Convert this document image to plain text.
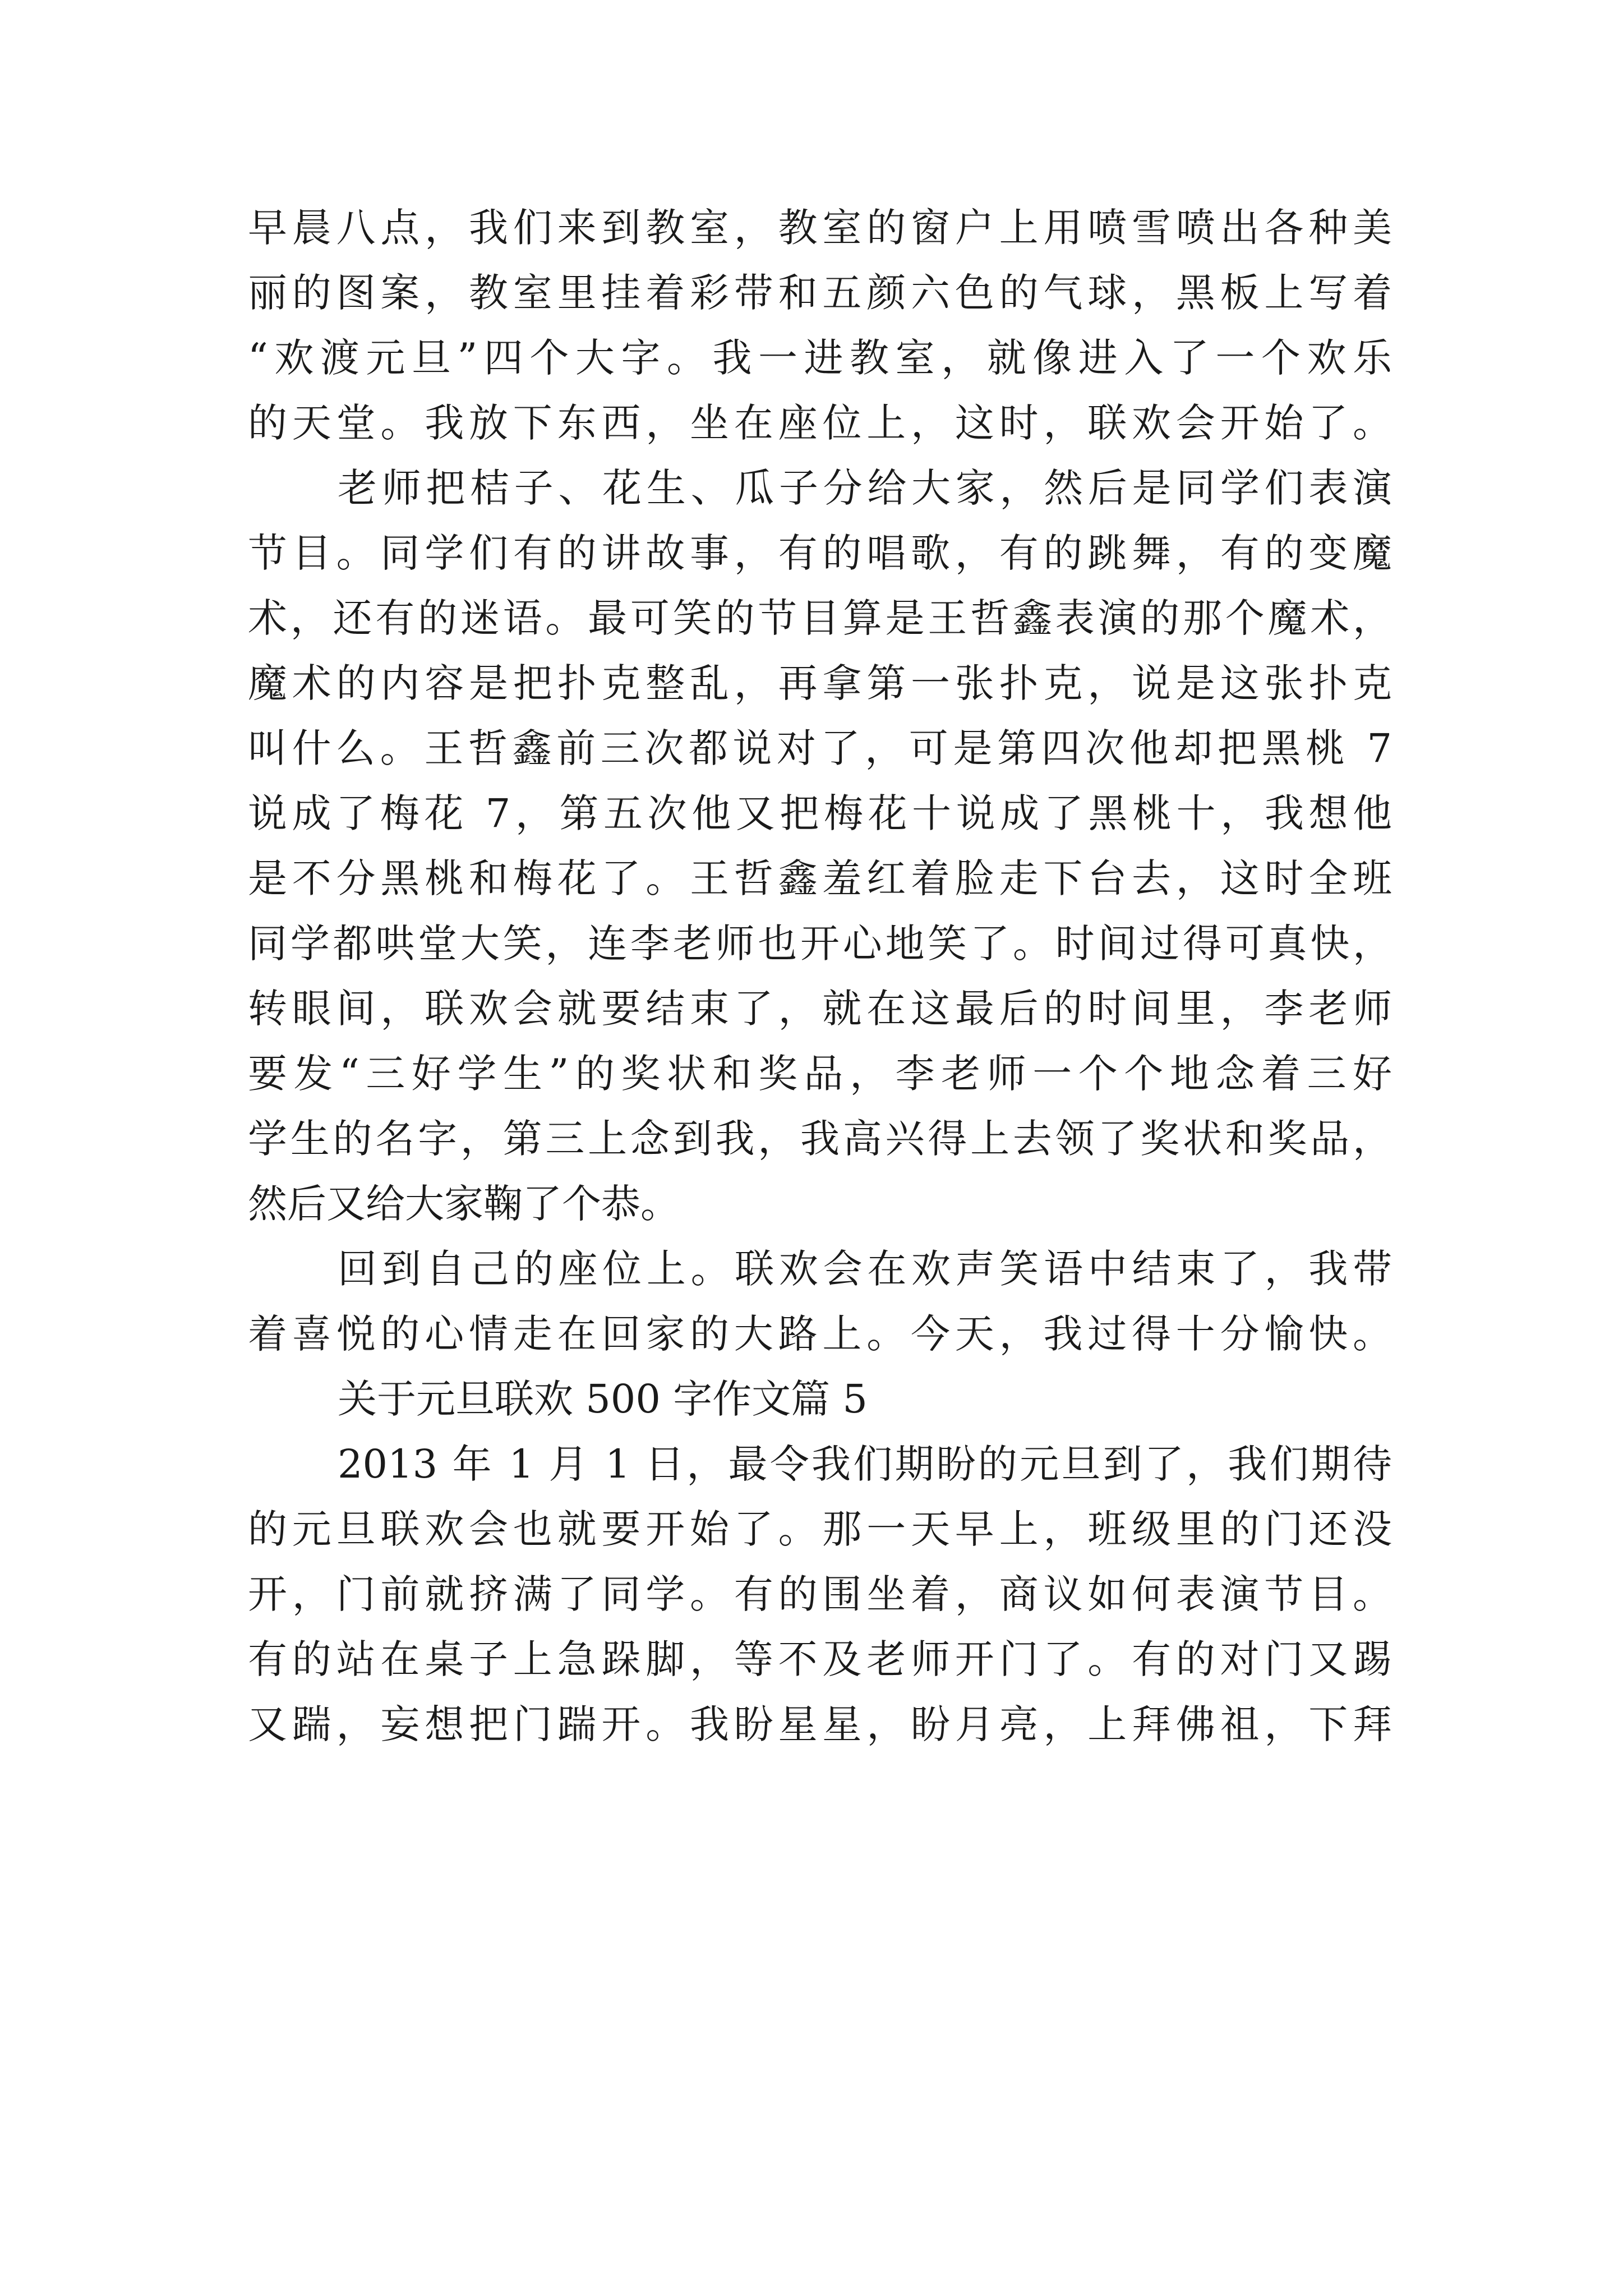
早晨八点，我们来到教室，教室的窗户上用喷雪喷出各种美
丽的图案，教室里挂着彩带和五颜六色的气球，黑板上写着
“欢渡元旦”四个大字。我一进教室，就像进入了一个欢乐
的天堂。我放下东西，坐在座位上，这时，联欢会开始了。
老师把桔子、花生、瓜子分给大家，然后是同学们表演
节目。同学们有的讲故事，有的唱歌，有的跳舞，有的变魔
术，还有的迷语。最可笑的节目算是王哲鑫表演的那个魔术，
魔术的内容是把扑克整乱，再拿第一张扑克，说是这张扑克
叫什么。王哲鑫前三次都说对了，可是第四次他却把黑桃 7
说成了梅花 7，第五次他又把梅花十说成了黑桃十，我想他
是不分黑桃和梅花了。王哲鑫羞红着脸走下台去，这时全班
同学都哄堂大笑，连李老师也开心地笑了。时间过得可真快，
转眼间，联欢会就要结束了，就在这最后的时间里，李老师
要发“三好学生”的奖状和奖品，李老师一个个地念着三好
学生的名字，第三上念到我，我高兴得上去领了奖状和奖品，
然后又给大家鞠了个恭。
回到自己的座位上。联欢会在欢声笑语中结束了，我带
着喜悦的心情走在回家的大路上。今天，我过得十分愉快。
关于元旦联欢 500 字作文篇 5
2013 年 1 月 1 日，最令我们期盼的元旦到了，我们期待
的元旦联欢会也就要开始了。那一天早上，班级里的门还没
开，门前就挤满了同学。有的围坐着，商议如何表演节目。
有的站在桌子上急跺脚，等不及老师开门了。有的对门又踢
又踹，妄想把门踹开。我盼星星，盼月亮，上拜佛祖，下拜
